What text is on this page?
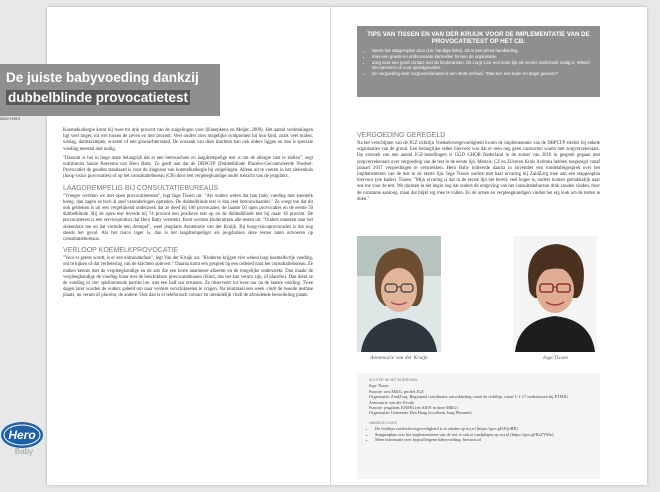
De juiste babyvoeding dankzij
dubbelblinde provocatietest
door Hero

Koemelkallergie komt bij twee tot drie procent van de zuigelingen voor (Kneepkens en Meijer, 2009). Het aantal verdenkingen ligt veel hoger, tot wel tussen de zeven en tien procent. Veel ouders zien mogelijke symptomen bij hun kind, zoals veel huilen, uitslag, darmkrampen, eczeem of een groeiachterstand. De oorzaak van deze klachten kan ook elders liggen en dan is speciale voeding meestal niet nodig.

"Daarom is het in hoge mate belangrijk dat er een betrouwbare en laagdrempelige test is om de allergie vast te stellen", zegt nutritionist Sanne Boerema van Hero Baby. Ze geeft aan dat de DBPCFP (Dubbelblinde Placebo-Gecontroleerde Voedsel-Provocatie) de gouden standaard is voor de diagnose van koemelkallergie bij zuigelingen. Alleen uit te voeren in het ziekenhuis (hoog-risico provocaties) of op het consultatiebureau (CB) door een verpleegkundige onder toezicht van de jeugdarts.

LAAGDREMPELIG BIJ CONSULTATIEBUREAUS

"Vroeger werkten we met open provocatietesten", legt Inge Tissen uit. "Als ouders weten dat hun baby voeding met koemelk kreeg, dan zagen ze toch al snel veranderingen optreden. De dubbelblinde test is dan veel betrouwbaarder." Ze voegt toe dat dit ook gebleken is uit een vergelijkend onderzoek dat ze deed bij 100 provocaties, de laatste 50 open provocaties en de eerste 50 dubbelblinde. Bij de open test leverde bij 74 procent een positieve test op en de dubbelblinde test bij maar 18 procent. De provocatietest is een serviceproduct dat Hero Baby verstrekt. Eerst worden kinderartsen alle testen uit. "Ouders moesten naar het ziekenhuis toe en dat vormde een drempel", weet jeugdarts Annemarie van der Kruijk. Bij hoog-risicoprovocaties is dat nog steeds het geval. Als het risico lager is, dan is het laagdrempeliger als jeugdartsen deze testen laten uitvoeren op consultatiebureaus.

VERLOOP KOEMELKPROVOCATIE

"Voor er getest wordt, is er een eliminatiefase", legt Van der Kruijk uit. "Kinderen krijgen vier weken lang koemelkvrije voeding, om te kijken of dat verbetering van de klachten oplevert." Daarna komt een gesprek op een ordered naar het consultatiebureau. Ze maken kennis met de verpleegkundige en de arts die een korte anamnese afneemt en de mogelijke onderzoekt. Dan maakt de verpleegkundige de voeding klaar met de beschikbare provocatiebussen (blind, dus het kan verum zijn, óf placebo). Dan dient ze de voeding in vier opklimmende porties toe, met een half uur ertussen. Ze observeert tot twee uur na de laatste voeding. Twee dagen later worden de ouders gebeld om naar verdere verschijnselen te vragen. Na minimaal een week vindt de tweede testfase plaats, nu verum óf placebo, de andere. Ook dan is er telefonisch contact en uiteindelijk vindt de afrondende beoordeling plaats.

TIPS VAN TISSEN EN VAN DER KRUIJK VOOR DE IMPLEMENTATIE VAN DE PROVOCATIETEST OP HET CB:
• Neem het stappenplan door (zie: handige links). Dit is een prima handleiding.
• Kies een goede en enthousiaste kartrekker binnen de organisatie.
• Zorg voor een goed contact met de kinderartsen. Dit zorgt voor een korte lijn als verder onderzoek nodig is. Wissel 06-nummers uit voor spoedgevallen.
• De vergoeding door zorgverzekeraars is een sterk verhaal. "Dan kun een team en begin gewoon!"
VERGOEDING GEREGELD

Na het verschijnen van de JGZ richtlijn Voedselovergevoeligheid kwam de implementatie van de DBPCFP slechts bij enkele organisaties van de grond. Een belangrijke reden hiervoor was dat er toen nog geen contracten waren met zorgverzekeraars. Op verzoek van een aantal JGZ-instellingen is GGD GHOR Nederland in de zomer van 2016 in gesprek gegaan met zorgverzekeraars over vergoeding van de test in de eerste lijn. Menzis, CZ en Zilveren Kruis Achmea hebben toegezegd vanaf januari 2017 vergoedingen te verstrekken. Hero Baby initieerde daarna in november een rondetafelgesprek over het implementeren van de test in de eerste lijn. Inge Tissen werkte met haar ervaring bij ZuidZorg mee aan een stappenplan hiervoor (zie kader). Tissen: "Mijn ervaring is dat in de eerste lijn het bereik veel hoger is, ouders komen gemakkelijk naar ons toe voor de test. We dachten in het begin nog dat ouders de omgeving van het consultatiebureau druk zouden vinden, door de constante aanloop, maar dat blijkt erg mee te vallen. En de artsen en verpleegkundigen vinden het erg leuk om de testen te doen."

Annemarie van der Kruijk	Inge Tissen
ACHTER IN HET INTERVIEW
Inge Tissen
Functie: arts M&G, profiel JGZ
Organisatie: ZuidZorg, Regionaal coördinator ontwikkeling vanaf de richtlijn, vanaf 1-1-17 ondertussen bij ETMIG
Annemarie van der Kruijk
Functie: jeugdarts KNMG (en AIOS in deze M&G)
Organisatie: Gemeente Den Haag (voorheen Jong Plezante)
HANDIGE LINKS
• De richtlijn voedselovergevoeligheid is te vinden op ncj.nl (https://goo.gl/fJQoRR)
• Stappenplan over het implementeren van de test is ook te raadplegen op ncj.nl (https://goo.gl/RsZYMo)
• Meer informatie over hypoallergene babyvoeding: heroarts.nl
Hero
Baby
